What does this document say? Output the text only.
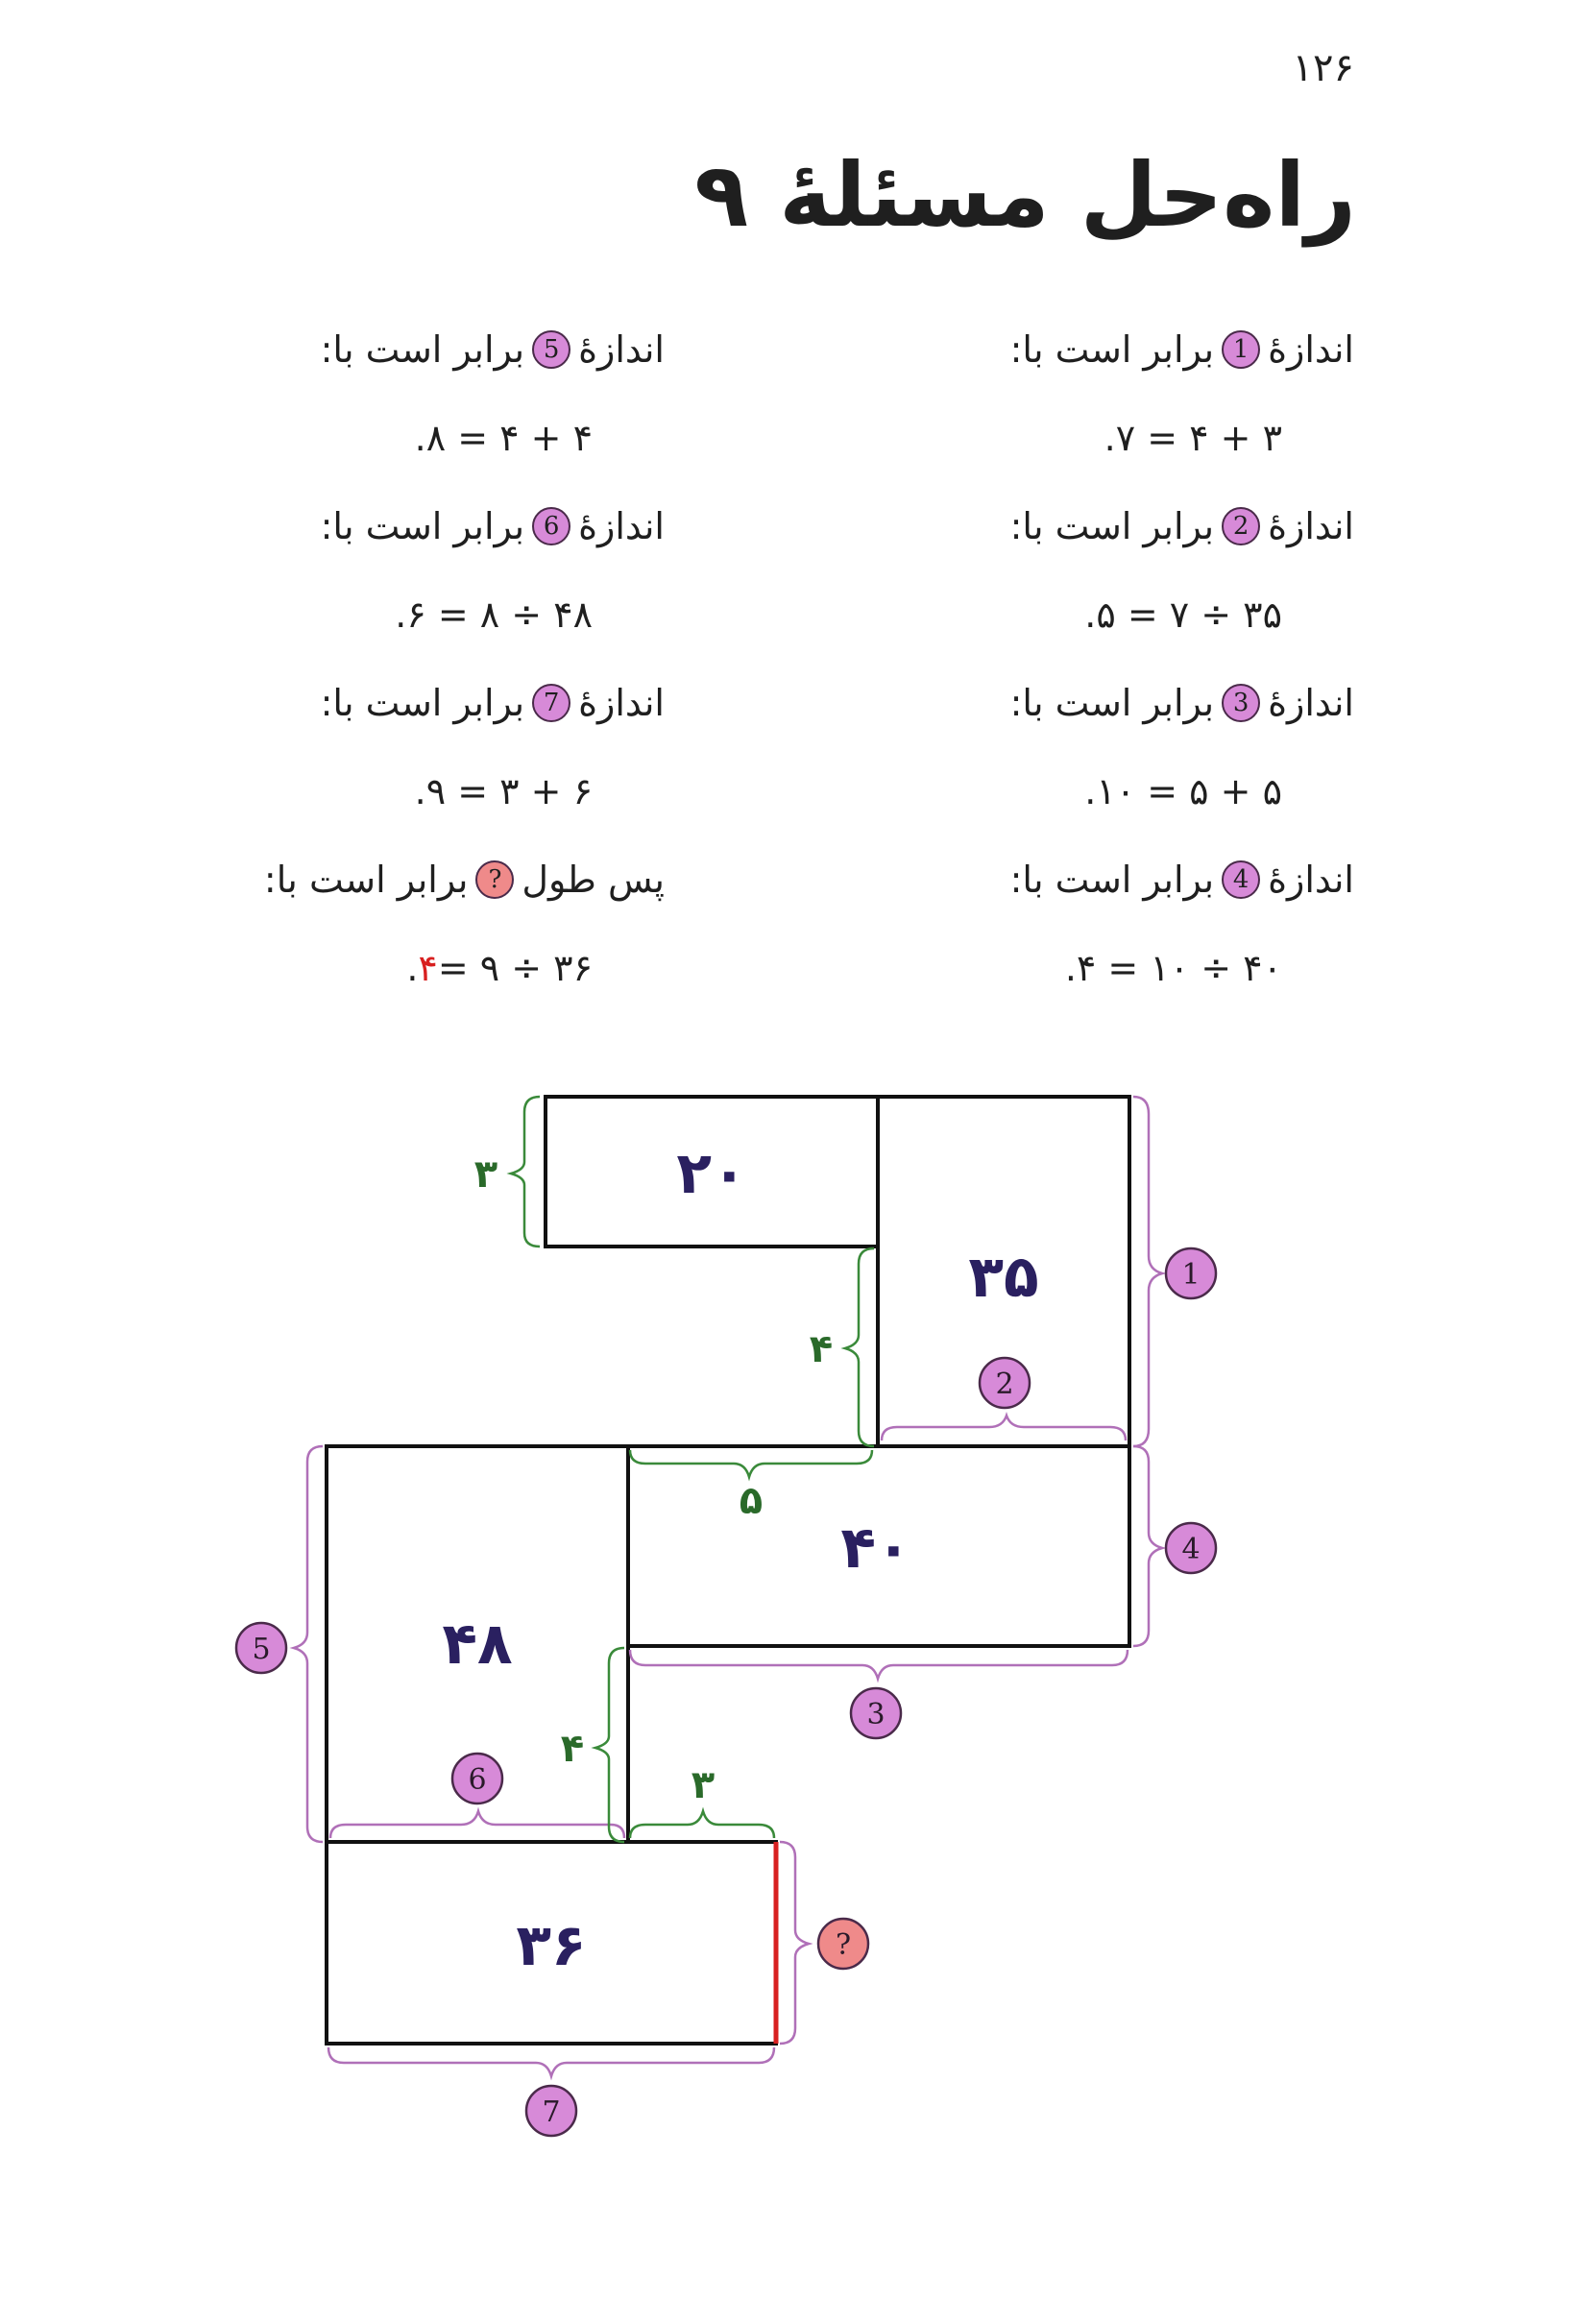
۱۲۶
راه‌حل مسئلهٔ ۹
اندازهٔ
1
برابر است با:
۳ + ۴ = ۷.
اندازهٔ
2
برابر است با:
۳۵ ÷ ۷ = ۵.
اندازهٔ
3
برابر است با:
۵ + ۵ = ۱۰.
اندازهٔ
4
برابر است با:
۴۰ ÷ ۱۰ = ۴.
اندازهٔ
5
برابر است با:
۴ + ۴ = ۸.
اندازهٔ
6
برابر است با:
۴۸ ÷ ۸ = ۶.
اندازهٔ
7
برابر است با:
۶ + ۳ = ۹.
پس طول
?
برابر است با:
۳۶ ÷ ۹ =
۴
.
۲۰
۳۵
۴۰
۴۸
۳۶
۳
۴
۵
۴
۳
1
2
4
3
5
6
?
7
